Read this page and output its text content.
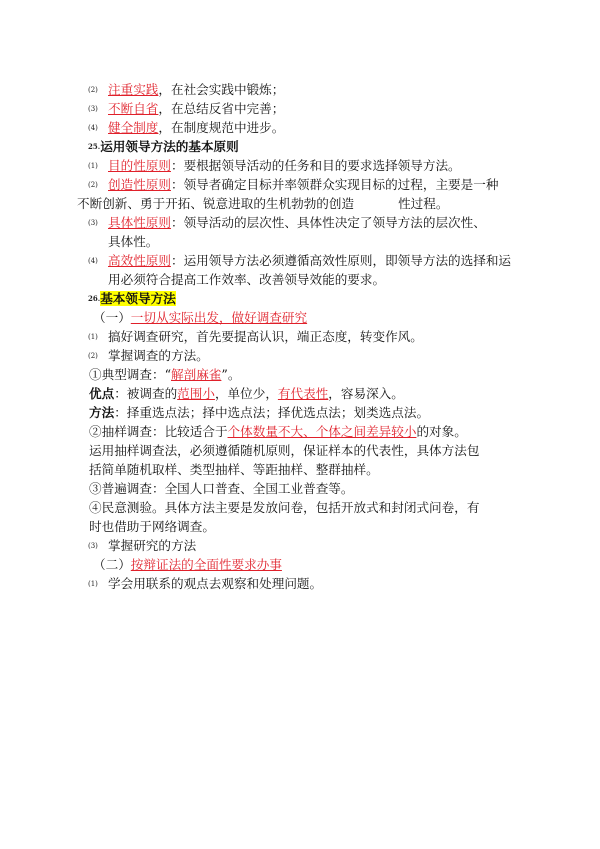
(2) 注重实践，在社会实践中锻炼；
(3) 不断自省，在总结反省中完善；
(4) 健全制度，在制度规范中进步。
25.运用领导方法的基本原则
(1) 目的性原则：要根据领导活动的任务和目的要求选择领导方法。
(2) 创造性原则：领导者确定目标并率领群众实现目标的过程，主要是一种
不断创新、勇于开拓、锐意进取的生机勃勃的创造	性过程。
(3) 具体性原则：领导活动的层次性、具体性决定了领导方法的层次性、
具体性。
(4) 高效性原则：运用领导方法必须遵循高效性原则，即领导方法的选择和运
用必须符合提高工作效率、改善领导效能的要求。
26.基本领导方法
（一）一切从实际出发，做好调查研究
(1) 搞好调查研究，首先要提高认识，端正态度，转变作风。
(2) 掌握调查的方法。
①典型调查：“解剖麻雀”。
优点：被调查的范围小，单位少，有代表性，容易深入。
方法：择重选点法；择中选点法；择优选点法；划类选点法。
②抽样调查：比较适合于个体数量不大、个体之间差异较小的对象。
运用抽样调查法，必须遵循随机原则，保证样本的代表性，具体方法包
括简单随机取样、类型抽样、等距抽样、整群抽样。
③普遍调查：全国人口普查、全国工业普查等。
④民意测验。具体方法主要是发放问卷，包括开放式和封闭式问卷，有
时也借助于网络调查。
(3) 掌握研究的方法
（二）按辩证法的全面性要求办事
(1) 学会用联系的观点去观察和处理问题。
